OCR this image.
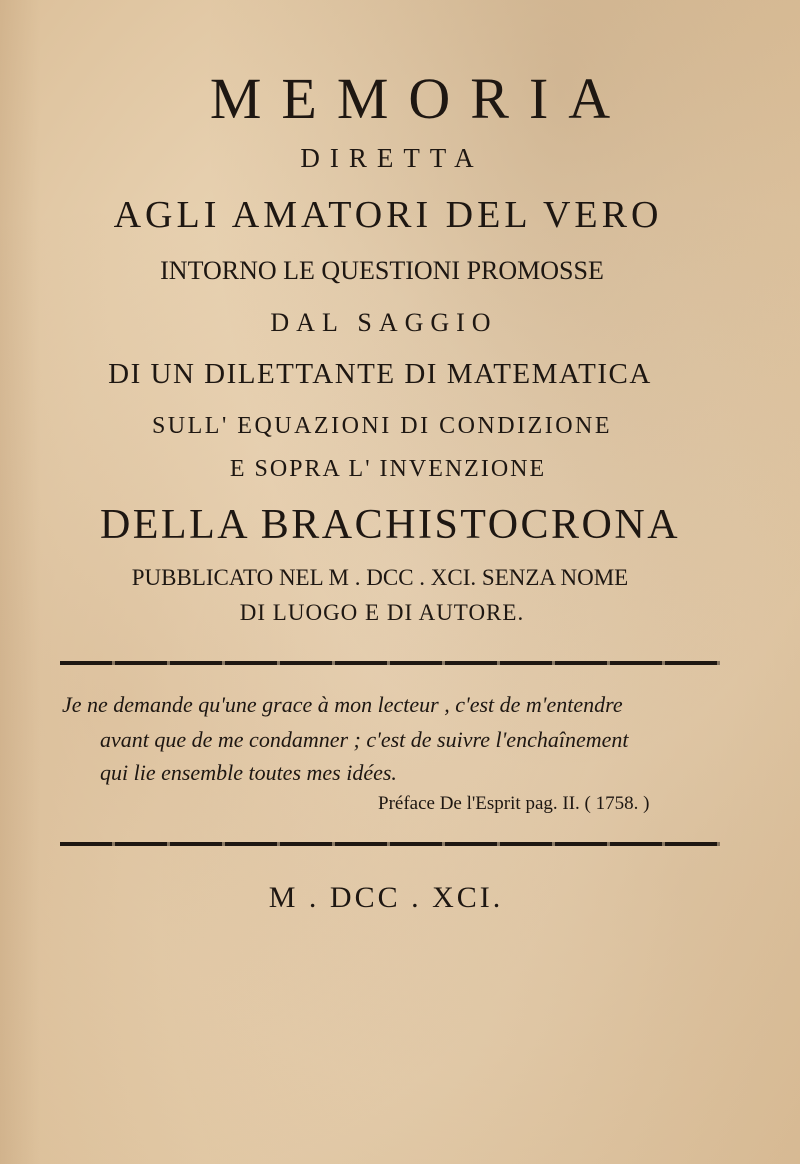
MEMORIA
DIRETTA
AGLI AMATORI DEL VERO
INTORNO LE QUESTIONI PROMOSSE
DAL SAGGIO
DI UN DILETTANTE DI MATEMATICA
SULL' EQUAZIONI DI CONDIZIONE
E SOPRA L' INVENZIONE
DELLA BRACHISTOCRONA
PUBBLICATO NEL M . DCC . XCI. SENZA NOME
DI LUOGO E DI AUTORE.
Je ne demande qu'une grace à mon lecteur , c'est de m'entendre
avant que de me condamner ; c'est de suivre l'enchaînement
qui lie ensemble toutes mes idées.
Préface De l'Esprit pag. II. ( 1758. )
M . DCC . XCI.
